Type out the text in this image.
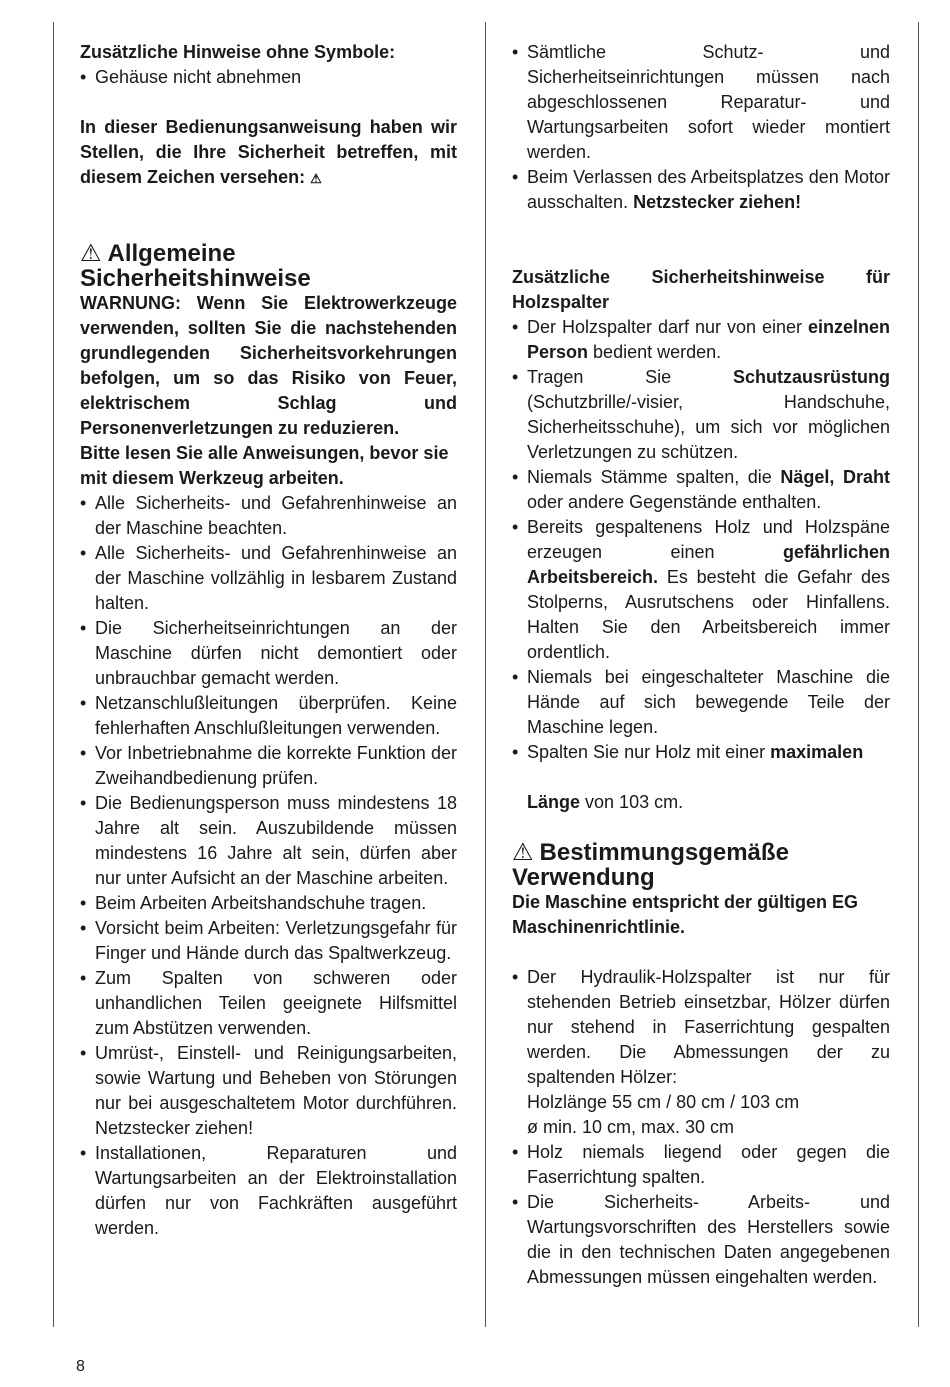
Zusätzliche Hinweise ohne Symbole:

• Gehäuse nicht abnehmen

In dieser Bedienungsanweisung haben wir Stellen, die Ihre Sicherheit betreffen, mit diesem Zeichen versehen: ⚠

⚠ Allgemeine Sicherheitshinweise

WARNUNG: Wenn Sie Elektrowerkzeuge verwenden, sollten Sie die nachstehenden grundlegenden Sicherheitsvorkehrungen befolgen, um so das Risiko von Feuer, elektrischem Schlag und Personenverletzungen zu reduzieren.

Bitte lesen Sie alle Anweisungen, bevor sie mit diesem Werkzeug arbeiten.

• Alle Sicherheits- und Gefahrenhinweise an der Maschine beachten.
• Alle Sicherheits- und Gefahrenhinweise an der Maschine vollzählig in lesbarem Zustand halten.
• Die Sicherheitseinrichtungen an der Maschine dürfen nicht demontiert oder unbrauchbar gemacht werden.
• Netzanschlußleitungen überprüfen. Keine fehlerhaften Anschlußleitungen verwenden.
• Vor Inbetriebnahme die korrekte Funktion der Zweihandbedienung prüfen.
• Die Bedienungsperson muss mindestens 18 Jahre alt sein. Auszubildende müssen mindestens 16 Jahre alt sein, dürfen aber nur unter Aufsicht an der Maschine arbeiten.
• Beim Arbeiten Arbeitshandschuhe tragen.
• Vorsicht beim Arbeiten: Verletzungsgefahr für Finger und Hände durch das Spaltwerkzeug.
• Zum Spalten von schweren oder unhandlichen Teilen geeignete Hilfsmittel zum Abstützen verwenden.
• Umrüst-, Einstell- und Reinigungsarbeiten, sowie Wartung und Beheben von Störungen nur bei ausgeschaltetem Motor durchführen. Netzstecker ziehen!
• Installationen, Reparaturen und Wartungsarbeiten an der Elektroinstallation dürfen nur von Fachkräften ausgeführt werden.
• Sämtliche Schutz- und Sicherheitseinrichtungen müssen nach abgeschlossenen Reparatur- und Wartungsarbeiten sofort wieder montiert werden.
• Beim Verlassen des Arbeitsplatzes den Motor ausschalten. Netzstecker ziehen!

Zusätzliche Sicherheitshinweise für Holzspalter

• Der Holzspalter darf nur von einer einzelnen Person bedient werden.
• Tragen Sie	Schutzausrüstung (Schutzbrille/-visier, Handschuhe, Sicherheitsschuhe), um sich vor möglichen Verletzungen zu schützen.
• Niemals Stämme spalten, die Nägel, Draht oder andere Gegenstände enthalten.
• Bereits gespaltenens Holz und Holzspäne erzeugen einen	gefährlichen Arbeitsbereich. Es besteht die Gefahr des Stolperns, Ausrutschens oder Hinfallens. Halten Sie den Arbeitsbereich immer ordentlich.
• Niemals bei eingeschalteter Maschine die Hände auf sich bewegende Teile der Maschine legen.
• Spalten Sie nur Holz mit einer maximalen

Länge von 103 cm.

⚠ Bestimmungsgemäße Verwendung

Die Maschine entspricht der gültigen EG Maschinenrichtlinie.

• Der Hydraulik-Holzspalter ist nur für stehenden Betrieb einsetzbar, Hölzer dürfen nur stehend in Faserrichtung gespalten werden. Die Abmessungen der zu spaltenden Hölzer:
Holzlänge 55 cm / 80 cm / 103 cm
ø min. 10 cm, max. 30 cm
• Holz niemals liegend oder gegen die Faserrichtung spalten.
• Die Sicherheits- Arbeits- und Wartungsvorschriften des Herstellers sowie die in den technischen Daten angegebenen Abmessungen müssen eingehalten werden.
8
